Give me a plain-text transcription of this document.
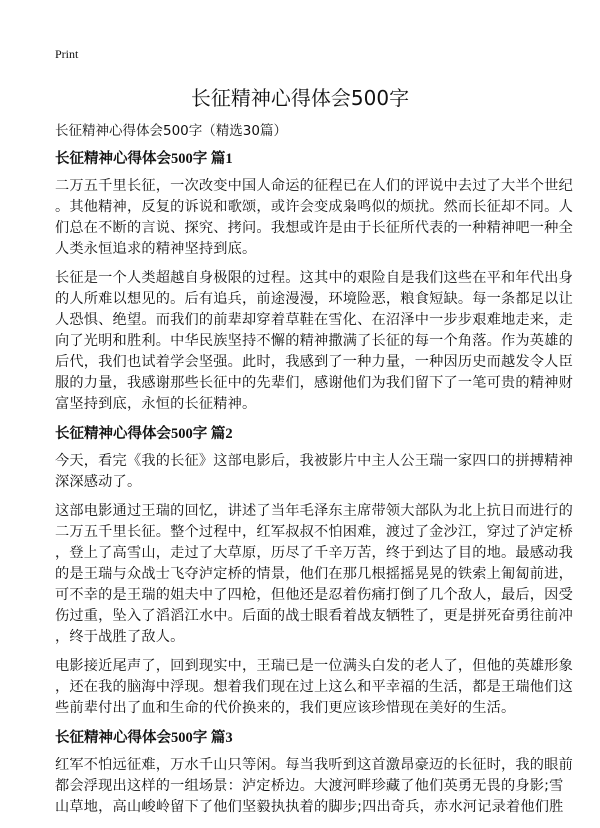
Print
长征精神心得体会500字
长征精神心得体会500字（精选30篇）
长征精神心得体会500字 篇1
二万五千里长征，一次改变中国人命运的征程已在人们的评说中去过了大半个世纪
。其他精神，反复的诉说和歌颂，或许会变成枭鸣似的烦扰。然而长征却不同。人
们总在不断的言说、探究、拷问。我想或许是由于长征所代表的一种精神吧一种全
人类永恒追求的精神坚持到底。
长征是一个人类超越自身极限的过程。这其中的艰险自是我们这些在平和年代出身
的人所难以想见的。后有追兵，前途漫漫，环境险恶，粮食短缺。每一条都足以让
人恐惧、绝望。而我们的前辈却穿着草鞋在雪化、在沼泽中一步步艰难地走来，走
向了光明和胜利。中华民族坚持不懈的精神撒满了长征的每一个角落。作为英雄的
后代，我们也试着学会坚强。此时，我感到了一种力量，一种因历史而越发令人臣
服的力量，我感谢那些长征中的先辈们，感谢他们为我们留下了一笔可贵的精神财
富坚持到底，永恒的长征精神。
长征精神心得体会500字 篇2
今天，看完《我的长征》这部电影后，我被影片中主人公王瑞一家四口的拼搏精神
深深感动了。
这部电影通过王瑞的回忆，讲述了当年毛泽东主席带领大部队为北上抗日而进行的
二万五千里长征。整个过程中，红军叔叔不怕困难，渡过了金沙江，穿过了泸定桥
，登上了高雪山，走过了大草原，历尽了千辛万苦，终于到达了目的地。最感动我
的是王瑞与众战士飞夺泸定桥的情景，他们在那几根摇摇晃晃的铁索上匍匐前进，
可不幸的是王瑞的姐夫中了四枪，但他还是忍着伤痛打倒了几个敌人，最后，因受
伤过重，坠入了滔滔江水中。后面的战士眼看着战友牺牲了，更是拼死奋勇往前冲
，终于战胜了敌人。
电影接近尾声了，回到现实中，王瑞已是一位满头白发的老人了，但他的英雄形象
，还在我的脑海中浮现。想着我们现在过上这么和平幸福的生活，都是王瑞他们这
些前辈付出了血和生命的代价换来的，我们更应该珍惜现在美好的生活。
长征精神心得体会500字 篇3
红军不怕远征难，万水千山只等闲。每当我听到这首激昂豪迈的长征时，我的眼前
都会浮现出这样的一组场景：泸定桥边。大渡河畔珍藏了他们英勇无畏的身影;雪
山草地，高山峻岭留下了他们坚毅执执着的脚步;四出奇兵，赤水河记录着他们胜
